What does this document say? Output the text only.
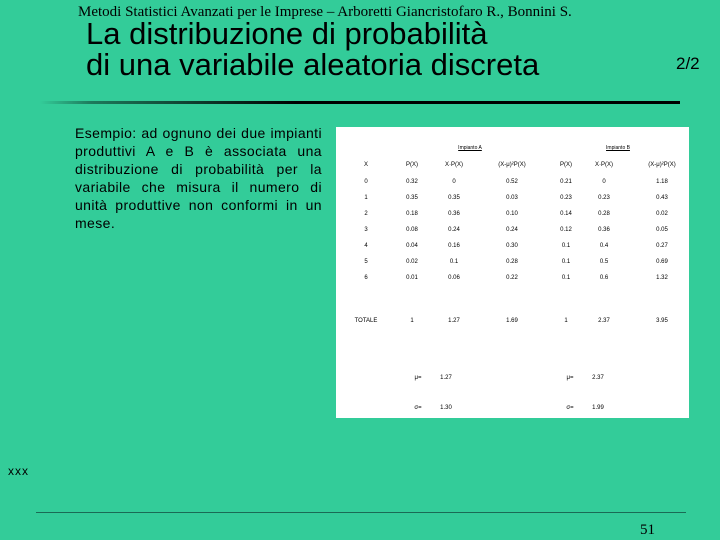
Metodi Statistici Avanzati per le Imprese – Arboretti Giancristofaro R., Bonnini S.
La distribuzione di probabilità
di una variabile aleatoria discreta	2/2
Esempio: ad ognuno dei due impianti produttivi A e B è associata una distribuzione di probabilità per la variabile che misura il numero di unità produttive non conformi in un mese.
Impianto A	Impianto B
X	P(X)	X·P(X)	(X-μ)²P(X)	P(X)	X·P(X)	(X-μ)²P(X)
0	0.32	0	0.52	0.21	0	1.18
1	0.35	0.35	0.03	0.23	0.23	0.43
2	0.18	0.36	0.10	0.14	0.28	0.02
3	0.08	0.24	0.24	0.12	0.36	0.05
4	0.04	0.16	0.30	0.1	0.4	0.27
5	0.02	0.1	0.28	0.1	0.5	0.69
6	0.01	0.06	0.22	0.1	0.6	1.32
TOTALE	1	1.27	1.69	1	2.37	3.95
μ=	1.27	μ=	2.37
σ=	1.30	σ=	1.99
xxx
51
